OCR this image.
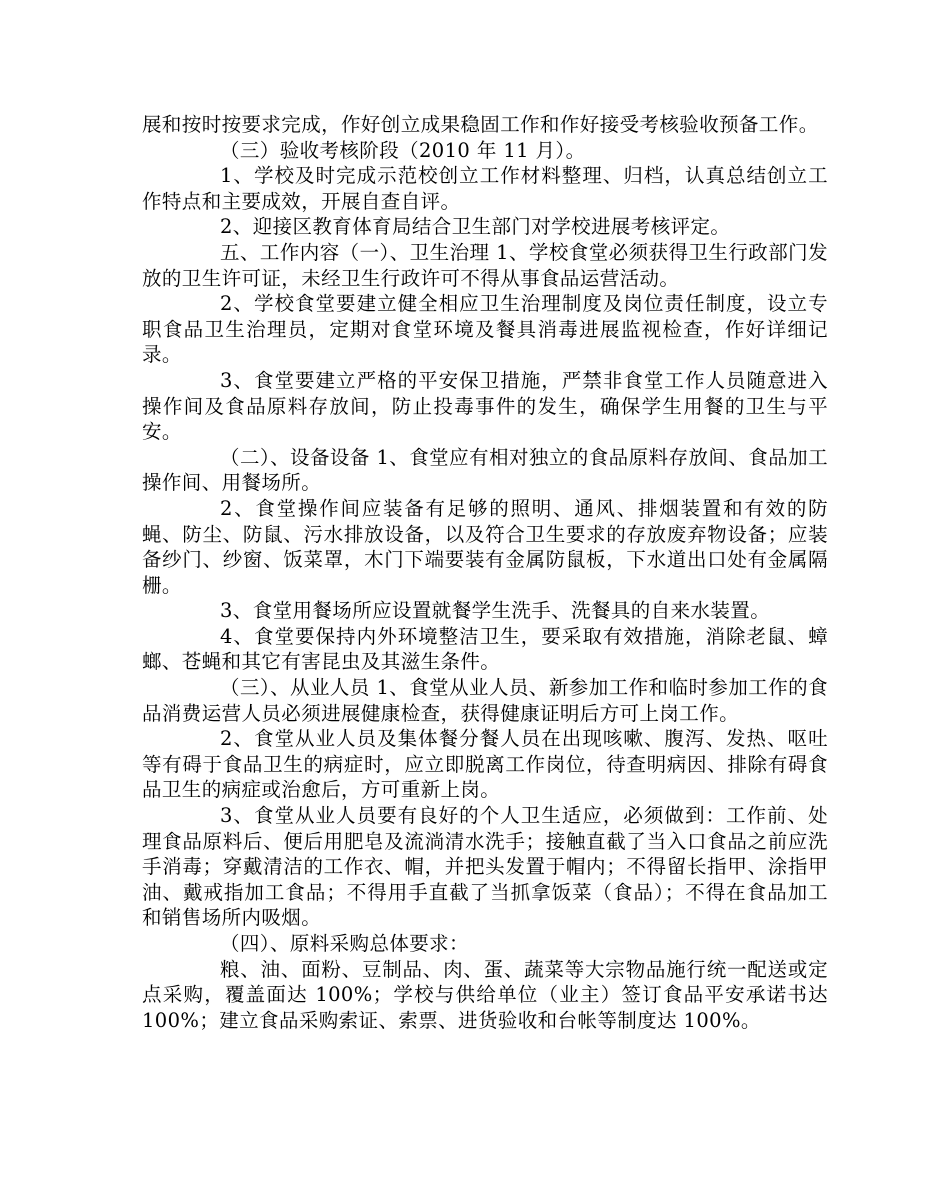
展和按时按要求完成，作好创立成果稳固工作和作好接受考核验收预备工作。

（三）验收考核阶段（2010 年 11 月）。

1、学校及时完成示范校创立工作材料整理、归档，认真总结创立工作特点和主要成效，开展自查自评。

2、迎接区教育体育局结合卫生部门对学校进展考核评定。

五、工作内容（一）、卫生治理 1、学校食堂必须获得卫生行政部门发放的卫生许可证，未经卫生行政许可不得从事食品运营活动。

2、学校食堂要建立健全相应卫生治理制度及岗位责任制度，设立专职食品卫生治理员，定期对食堂环境及餐具消毒进展监视检查，作好详细记录。

3、食堂要建立严格的平安保卫措施，严禁非食堂工作人员随意进入操作间及食品原料存放间，防止投毒事件的发生，确保学生用餐的卫生与平安。

（二）、设备设备 1、食堂应有相对独立的食品原料存放间、食品加工操作间、用餐场所。

2、食堂操作间应装备有足够的照明、通风、排烟装置和有效的防蝇、防尘、防鼠、污水排放设备，以及符合卫生要求的存放废弃物设备；应装备纱门、纱窗、饭菜罩，木门下端要装有金属防鼠板，下水道出口处有金属隔栅。

3、食堂用餐场所应设置就餐学生洗手、洗餐具的自来水装置。

4、食堂要保持内外环境整洁卫生，要采取有效措施，消除老鼠、蟑螂、苍蝇和其它有害昆虫及其滋生条件。

（三）、从业人员 1、食堂从业人员、新参加工作和临时参加工作的食品消费运营人员必须进展健康检查，获得健康证明后方可上岗工作。

2、食堂从业人员及集体餐分餐人员在出现咳嗽、腹泻、发热、呕吐等有碍于食品卫生的病症时，应立即脱离工作岗位，待查明病因、排除有碍食品卫生的病症或治愈后，方可重新上岗。

3、食堂从业人员要有良好的个人卫生适应，必须做到：工作前、处理食品原料后、便后用肥皂及流淌清水洗手；接触直截了当入口食品之前应洗手消毒；穿戴清洁的工作衣、帽，并把头发置于帽内；不得留长指甲、涂指甲油、戴戒指加工食品；不得用手直截了当抓拿饭菜（食品）；不得在食品加工和销售场所内吸烟。

（四）、原料采购总体要求：

粮、油、面粉、豆制品、肉、蛋、蔬菜等大宗物品施行统一配送或定点采购，覆盖面达 100%；学校与供给单位（业主）签订食品平安承诺书达 100%；建立食品采购索证、索票、进货验收和台帐等制度达 100%。
